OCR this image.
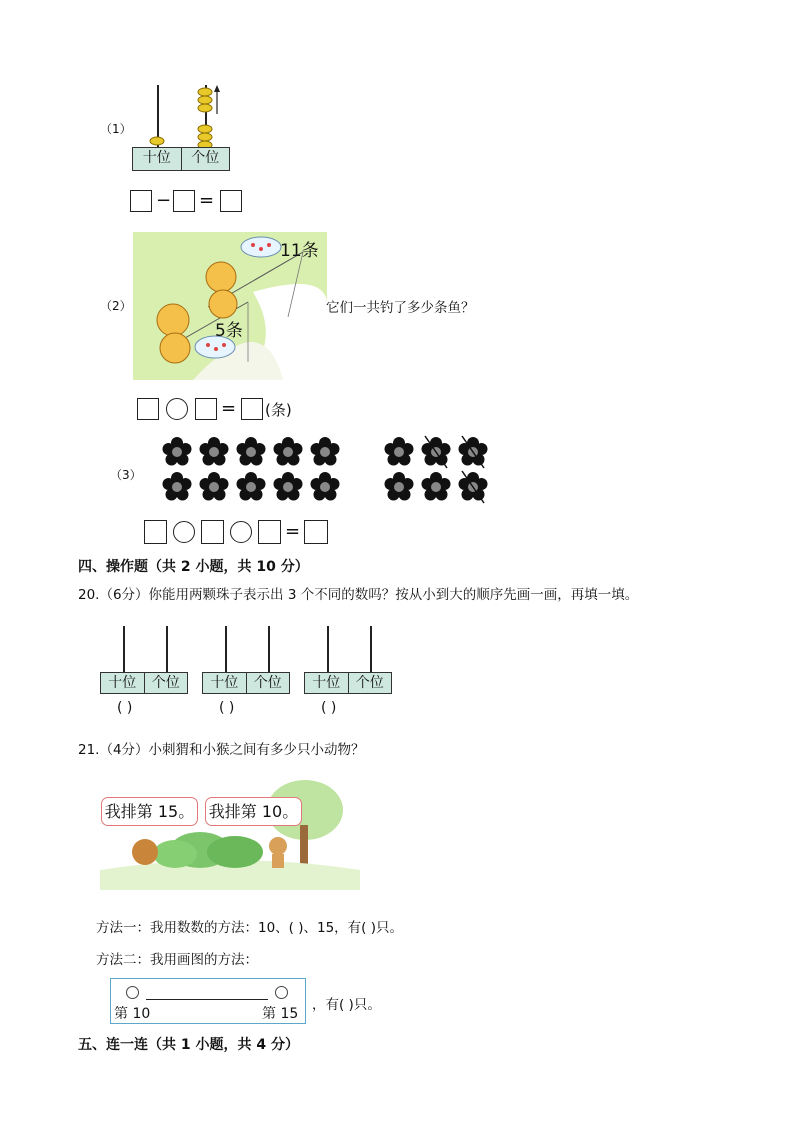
（1）
十位	个位
− =
（2）
11条
5条
它们一共钓了多少条鱼？
= (条)
（3）
=
四、操作题（共 2 小题，共 10 分）
20.（6分）你能用两颗珠子表示出 3 个不同的数吗？按从小到大的顺序先画一画，再填一填。
十位	个位
( )
十位	个位
( )
十位	个位
( )
21.（4分）小刺猬和小猴之间有多少只小动物？
我排第 15。 我排第 10。
方法一：我用数数的方法：10、( )、15，有( )只。
方法二：我用画图的方法：
第 10	第 15
，有( )只。
五、连一连（共 1 小题，共 4 分）
